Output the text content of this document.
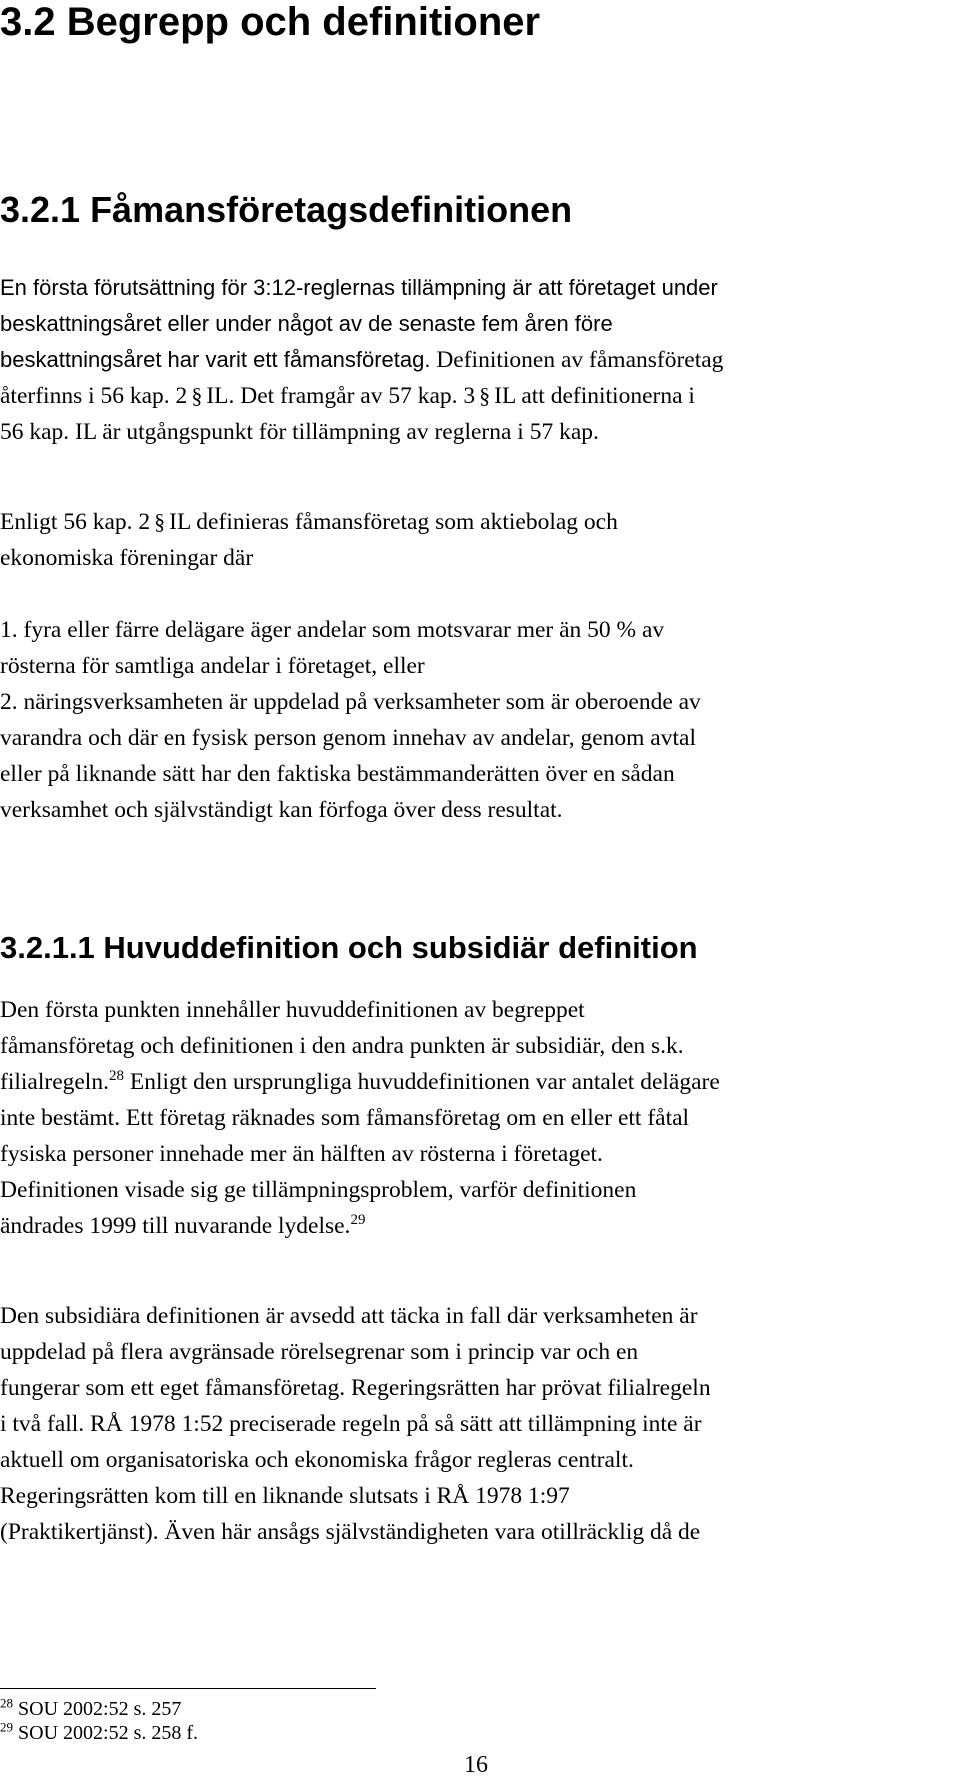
3.2 Begrepp och definitioner
3.2.1 Fåmansföretagsdefinitionen
En första förutsättning för 3:12-reglernas tillämpning är att företaget under
beskattningsåret eller under något av de senaste fem åren före
beskattningsåret har varit ett fåmansföretag. Definitionen av fåmansföretag
återfinns i 56 kap. 2 § IL. Det framgår av 57 kap. 3 § IL att definitionerna i
56 kap. IL är utgångspunkt för tillämpning av reglerna i 57 kap.
Enligt 56 kap. 2 § IL definieras fåmansföretag som aktiebolag och
ekonomiska föreningar där
1. fyra eller färre delägare äger andelar som motsvarar mer än 50 % av
rösterna för samtliga andelar i företaget, eller
2. näringsverksamheten är uppdelad på verksamheter som är oberoende av
varandra och där en fysisk person genom innehav av andelar, genom avtal
eller på liknande sätt har den faktiska bestämmanderätten över en sådan
verksamhet och självständigt kan förfoga över dess resultat.
3.2.1.1 Huvuddefinition och subsidiär definition
Den första punkten innehåller huvuddefinitionen av begreppet
fåmansföretag och definitionen i den andra punkten är subsidiär, den s.k.
filialregeln.$^{28}$ Enligt den ursprungliga huvuddefinitionen var antalet delägare
inte bestämt. Ett företag räknades som fåmansföretag om en eller ett fåtal
fysiska personer innehade mer än hälften av rösterna i företaget.
Definitionen visade sig ge tillämpningsproblem, varför definitionen
ändrades 1999 till nuvarande lydelse.$^{29}$
Den subsidiära definitionen är avsedd att täcka in fall där verksamheten är
uppdelad på flera avgränsade rörelsegrenar som i princip var och en
fungerar som ett eget fåmansföretag. Regeringsrätten har prövat filialregeln
i två fall. RÅ 1978 1:52 preciserade regeln på så sätt att tillämpning inte är
aktuell om organisatoriska och ekonomiska frågor regleras centralt.
Regeringsrätten kom till en liknande slutsats i RÅ 1978 1:97
(Praktikertjänst). Även här ansågs självständigheten vara otillräcklig då de
$^{28}$ SOU 2002:52 s. 257
$^{29}$ SOU 2002:52 s. 258 f.
16
